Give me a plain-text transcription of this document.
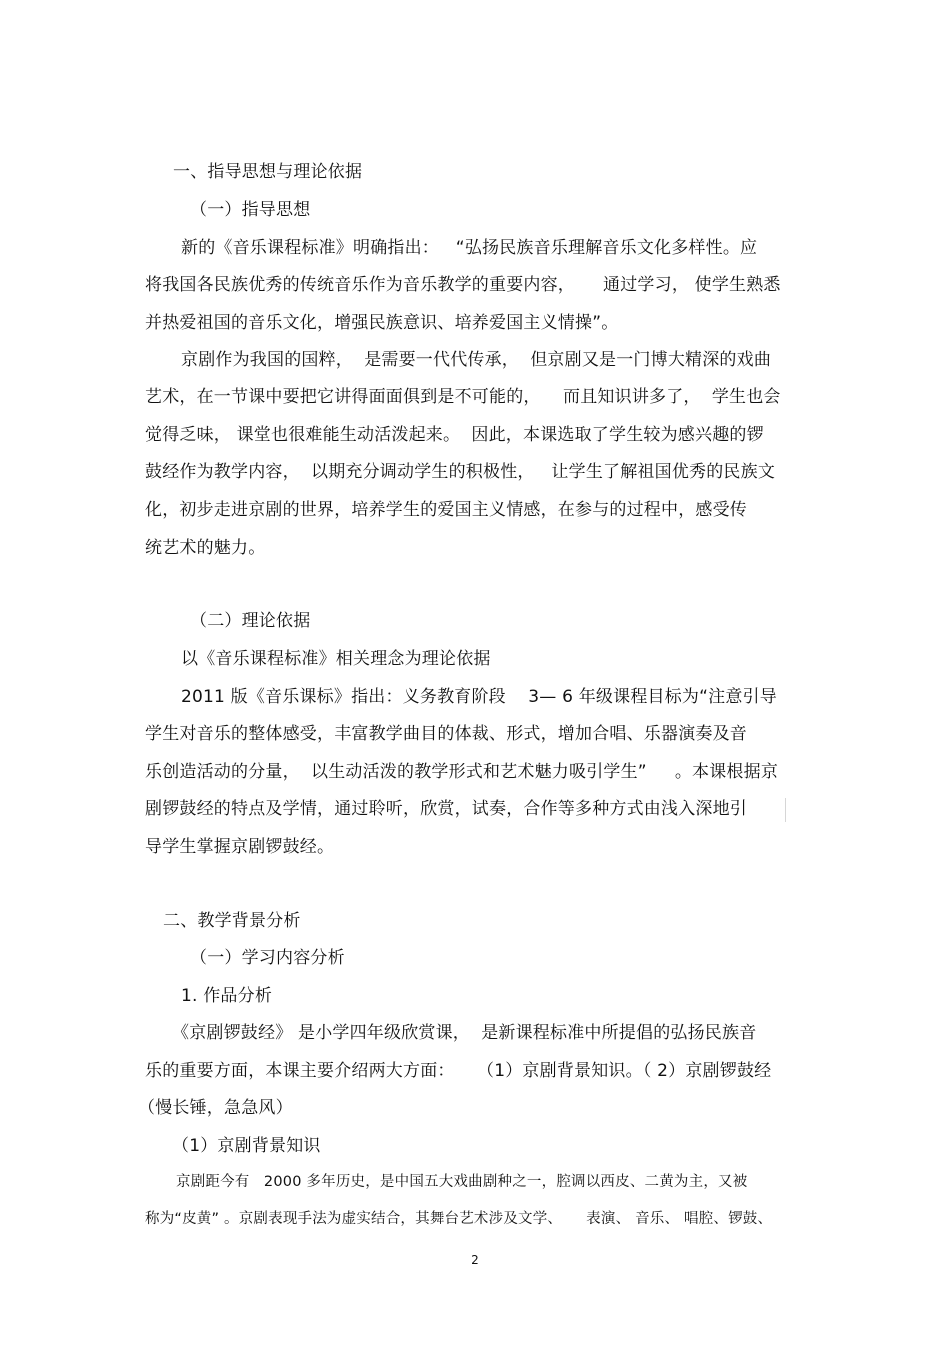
一、指导思想与理论依据
（一）指导思想
新的《音乐课程标准》明确指出：   “弘扬民族音乐理解音乐文化多样性。应
将我国各民族优秀的传统音乐作为音乐教学的重要内容，     通过学习， 使学生熟悉
并热爱祖国的音乐文化，增强民族意识、培养爱国主义情操”。
京剧作为我国的国粹，  是需要一代代传承，  但京剧又是一门博大精深的戏曲
艺术，在一节课中要把它讲得面面俱到是不可能的，    而且知识讲多了，  学生也会
觉得乏味， 课堂也很难能生动活泼起来。  因此，本课选取了学生较为感兴趣的锣
鼓经作为教学内容，  以期充分调动学生的积极性，   让学生了解祖国优秀的民族文
化，初步走进京剧的世界，培养学生的爱国主义情感，在参与的过程中，感受传
统艺术的魅力。
（二）理论依据
以《音乐课程标准》相关理念为理论依据
2011 版《音乐课标》指出：义务教育阶段    3— 6 年级课程目标为“注意引导
学生对音乐的整体感受，丰富教学曲目的体裁、形式，增加合唱、乐器演奏及音
乐创造活动的分量，  以生动活泼的教学形式和艺术魅力吸引学生”     。本课根据京
剧锣鼓经的特点及学情，通过聆听，欣赏，试奏，合作等多种方式由浅入深地引
导学生掌握京剧锣鼓经。
二、教学背景分析
（一）学习内容分析
1. 作品分析
《京剧锣鼓经》 是小学四年级欣赏课，  是新课程标准中所提倡的弘扬民族音
乐的重要方面，本课主要介绍两大方面：    （1）京剧背景知识。（ 2）京剧锣鼓经
（慢长锤，急急风）
（1）京剧背景知识
京剧距今有   2000 多年历史，是中国五大戏曲剧种之一，腔调以西皮、二黄为主，又被
称为“皮黄” 。京剧表现手法为虚实结合，其舞台艺术涉及文学、     表演、 音乐、 唱腔、锣鼓、
2
